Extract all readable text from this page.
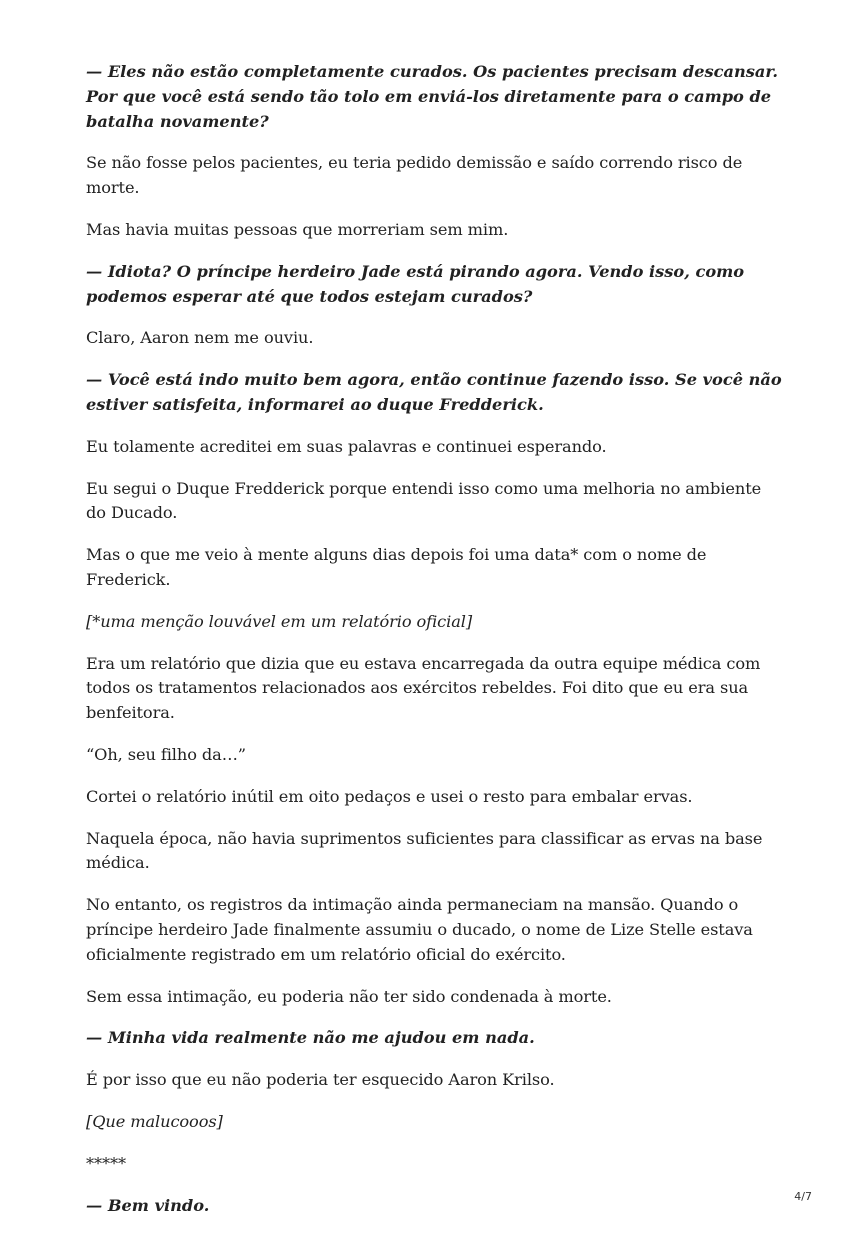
— Eles não estão completamente curados. Os pacientes precisam descansar. Por que você está sendo tão tolo em enviá-los diretamente para o campo de batalha novamente?

Se não fosse pelos pacientes, eu teria pedido demissão e saído correndo risco de morte.

Mas havia muitas pessoas que morreriam sem mim.

— Idiota? O príncipe herdeiro Jade está pirando agora. Vendo isso, como podemos esperar até que todos estejam curados?

Claro, Aaron nem me ouviu.

— Você está indo muito bem agora, então continue fazendo isso. Se você não estiver satisfeita, informarei ao duque Fredderick.

Eu tolamente acreditei em suas palavras e continuei esperando.

Eu segui o Duque Fredderick porque entendi isso como uma melhoria no ambiente do Ducado.

Mas o que me veio à mente alguns dias depois foi uma data* com o nome de Frederick.

[*uma menção louvável em um relatório oficial]

Era um relatório que dizia que eu estava encarregada da outra equipe médica com todos os tratamentos relacionados aos exércitos rebeldes. Foi dito que eu era sua benfeitora.

“Oh, seu filho da…”

Cortei o relatório inútil em oito pedaços e usei o resto para embalar ervas.

Naquela época, não havia suprimentos suficientes para classificar as ervas na base médica.

No entanto, os registros da intimação ainda permaneciam na mansão. Quando o príncipe herdeiro Jade finalmente assumiu o ducado, o nome de Lize Stelle estava oficialmente registrado em um relatório oficial do exército.

Sem essa intimação, eu poderia não ter sido condenada à morte.

— Minha vida realmente não me ajudou em nada.

É por isso que eu não poderia ter esquecido Aaron Krilso.

[Que malucooos]

*****

— Bem vindo.	4/7
